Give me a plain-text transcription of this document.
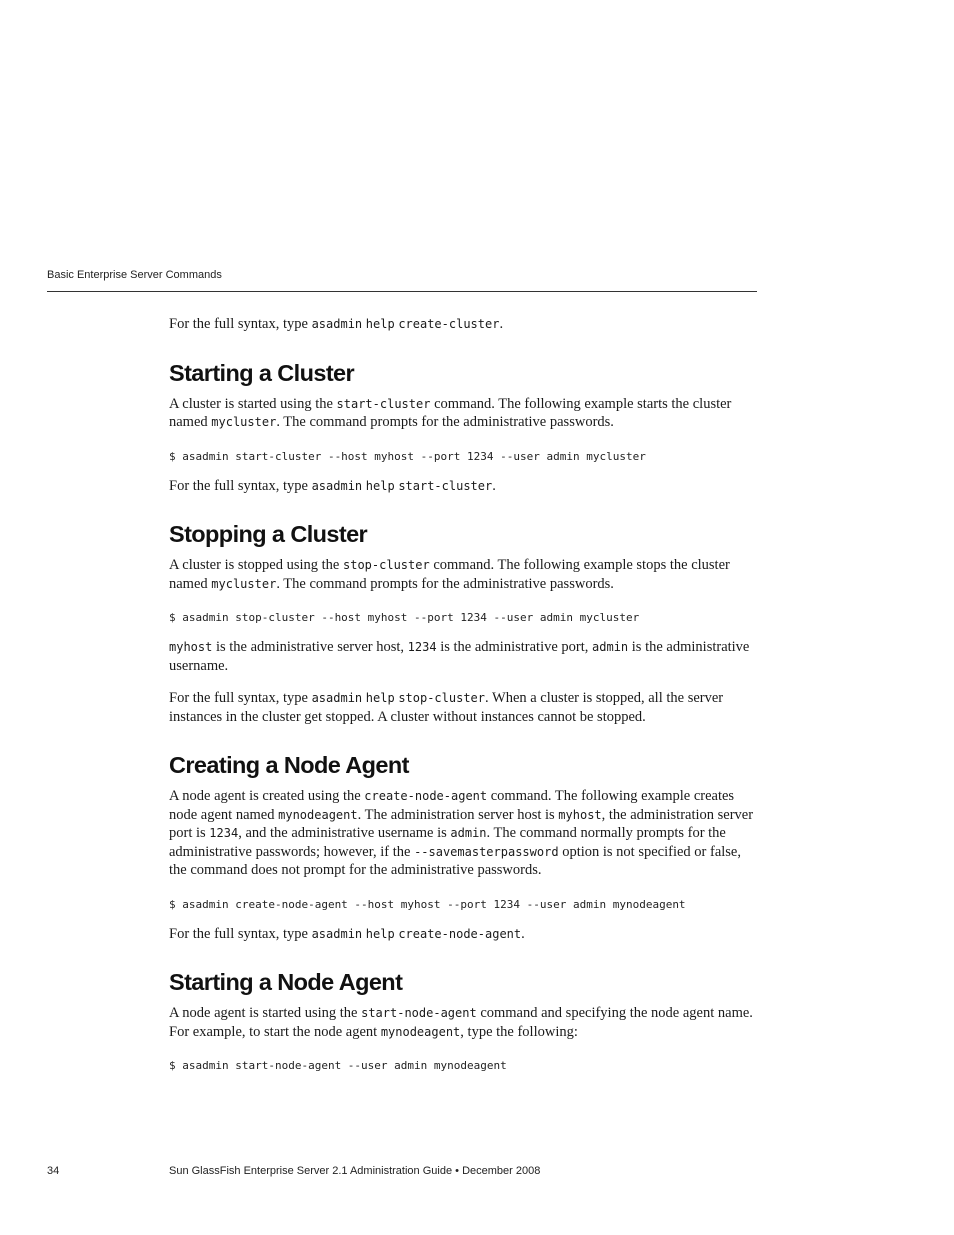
Basic Enterprise Server Commands

For the full syntax, type asadmin help create-cluster.

Starting a Cluster

A cluster is started using the start-cluster command. The following example starts the cluster named mycluster. The command prompts for the administrative passwords.

$ asadmin start-cluster --host myhost --port 1234 --user admin mycluster

For the full syntax, type asadmin help start-cluster.

Stopping a Cluster

A cluster is stopped using the stop-cluster command. The following example stops the cluster named mycluster. The command prompts for the administrative passwords.

$ asadmin stop-cluster --host myhost --port 1234 --user admin mycluster

myhost is the administrative server host, 1234 is the administrative port, admin is the administrative username.

For the full syntax, type asadmin help stop-cluster. When a cluster is stopped, all the server instances in the cluster get stopped. A cluster without instances cannot be stopped.

Creating a Node Agent

A node agent is created using the create-node-agent command. The following example creates node agent named mynodeagent. The administration server host is myhost, the administration server port is 1234, and the administrative username is admin. The command normally prompts for the administrative passwords; however, if the --savemasterpassword option is not specified or false, the command does not prompt for the administrative passwords.

$ asadmin create-node-agent --host myhost --port 1234 --user admin mynodeagent

For the full syntax, type asadmin help create-node-agent.

Starting a Node Agent

A node agent is started using the start-node-agent command and specifying the node agent name. For example, to start the node agent mynodeagent, type the following:

$ asadmin start-node-agent --user admin mynodeagent
34	Sun GlassFish Enterprise Server 2.1 Administration Guide • December 2008
